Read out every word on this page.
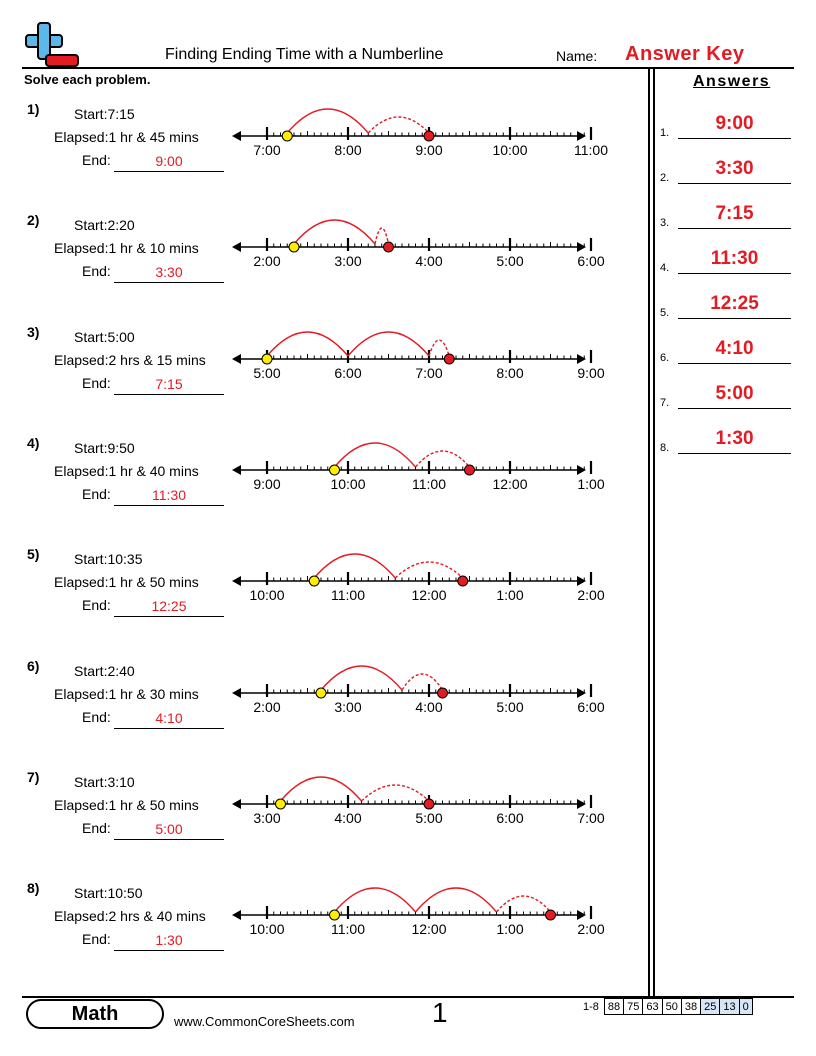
Finding Ending Time with a Numberline	Name: Answer Key
Solve each problem.	Answers
1.	9:00
2.	3:30
3.	7:15
4.	11:30
5.	12:25
6.	4:10
7.	5:00
8.	1:30
1) Start:7:15
Elapsed:1 hr & 45 mins
End:	9:00
7:00	8:00	9:00	10:00	11:00
2) Start:2:20
Elapsed:1 hr & 10 mins
End:	3:30
2:00	3:00	4:00	5:00	6:00
3) Start:5:00
Elapsed:2 hrs & 15 mins
End:	7:15
5:00	6:00	7:00	8:00	9:00
4) Start:9:50
Elapsed:1 hr & 40 mins
End:	11:30
9:00	10:00	11:00	12:00	1:00
5) Start:10:35
Elapsed:1 hr & 50 mins
End:	12:25
10:00	11:00	12:00	1:00	2:00
6) Start:2:40
Elapsed:1 hr & 30 mins
End:	4:10
2:00	3:00	4:00	5:00	6:00
7) Start:3:10
Elapsed:1 hr & 50 mins
End:	5:00
3:00	4:00	5:00	6:00	7:00
8) Start:10:50
Elapsed:2 hrs & 40 mins
End:	1:30
10:00	11:00	12:00	1:00	2:00
Math	www.CommonCoreSheets.com	1	1-8	88	75	63	50	38	25	13	0
